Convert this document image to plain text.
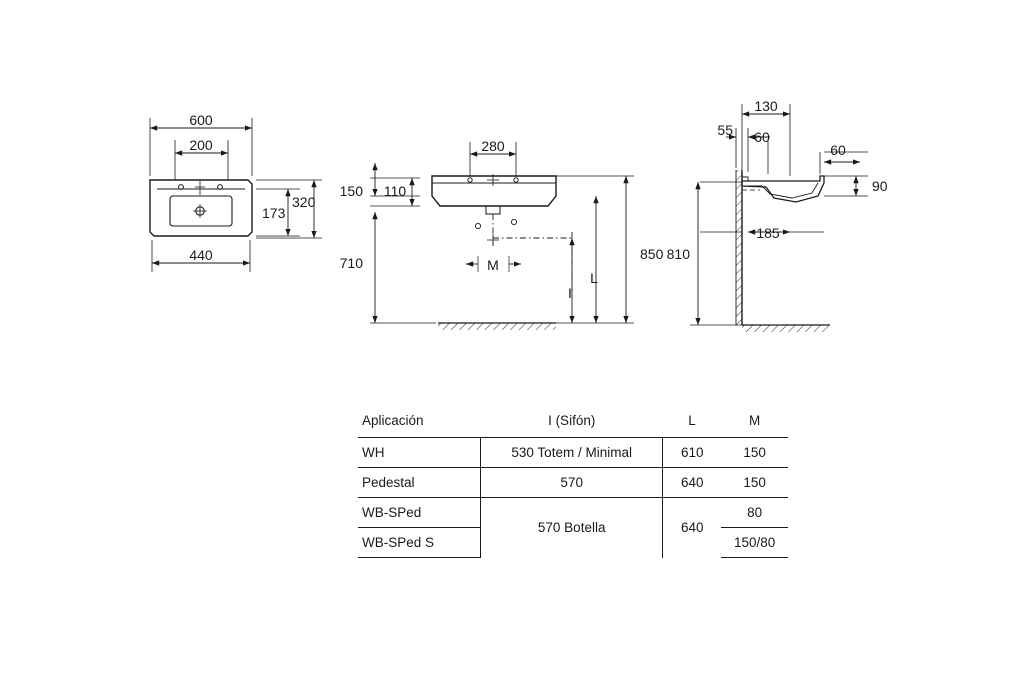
600
200
440
173
320
280
150 110
710
850
M
L
I
130
55 60
60
90
185
810
Aplicación	I (Sifón)	L	M
WH	530 Totem / Minimal	610	150
Pedestal	570	640	150
WB-SPed	570 Botella	640	80
WB-SPed S			150/80
